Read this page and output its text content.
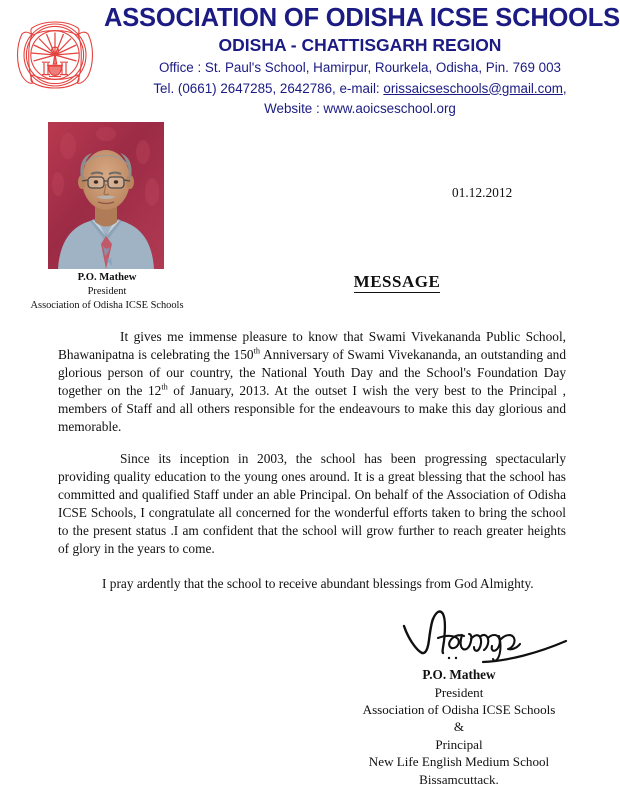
ASSOCIATION OF ODISHA ICSE SCHOOLS
ODISHA - CHATTISGARH REGION
Office : St. Paul's School, Hamirpur, Rourkela, Odisha, Pin. 769 003
Tel. (0661) 2647285, 2642786, e-mail: orissaicseschools@gmail.com,
Website : www.aoicseschool.org
P.O. Mathew
President
Association of Odisha ICSE Schools
01.12.2012
MESSAGE

It gives me immense pleasure to know that Swami Vivekananda Public School, Bhawanipatna is celebrating the 150th Anniversary of Swami Vivekananda, an outstanding and glorious person of our country, the National Youth Day and the School's Foundation Day together on the 12th of January, 2013. At the outset I wish the very best to the Principal , members of Staff and all others responsible for the endeavours to make this day glorious and memorable.

Since its inception in 2003, the school has been progressing spectacularly providing quality education to the young ones around. It is a great blessing that the school has committed and qualified Staff under an able Principal. On behalf of the Association of Odisha ICSE Schools, I congratulate all concerned for the wonderful efforts taken to bring the school to the present status .I am confident that the school will grow further to reach greater heights of glory in the years to come.

I pray ardently that the school to receive abundant blessings from God Almighty.

P.O. Mathew
President
Association of Odisha ICSE Schools
&
Principal
New Life English Medium School
Bissamcuttack.
